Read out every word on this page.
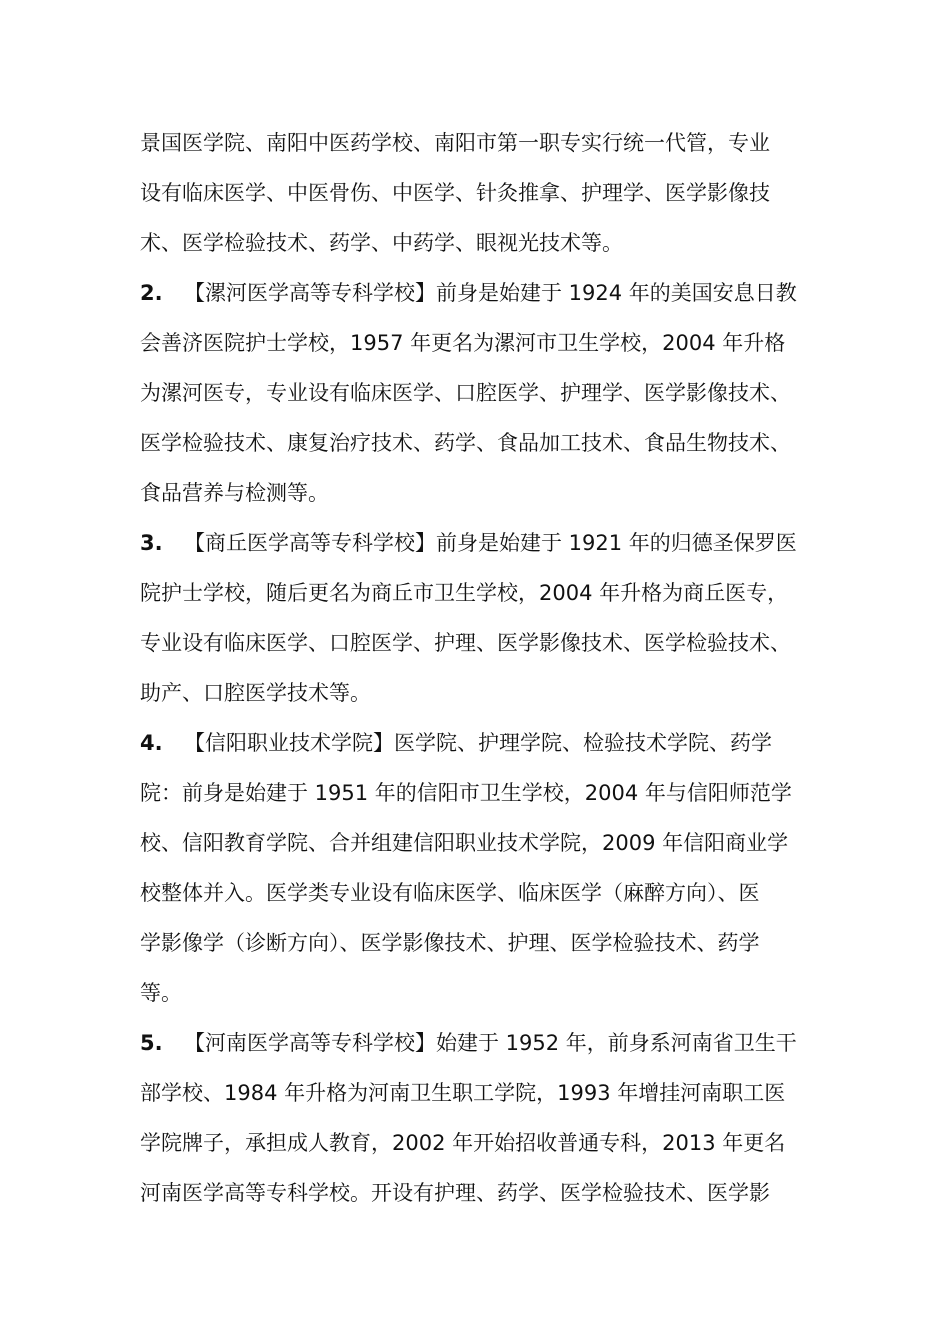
景国医学院、南阳中医药学校、南阳市第一职专实行统一代管，专业
设有临床医学、中医骨伤、中医学、针灸推拿、护理学、医学影像技
术、医学检验技术、药学、中药学、眼视光技术等。
2. 【漯河医学高等专科学校】前身是始建于 1924 年的美国安息日教
会善济医院护士学校，1957 年更名为漯河市卫生学校，2004 年升格
为漯河医专，专业设有临床医学、口腔医学、护理学、医学影像技术、
医学检验技术、康复治疗技术、药学、食品加工技术、食品生物技术、
食品营养与检测等。
3. 【商丘医学高等专科学校】前身是始建于 1921 年的归德圣保罗医
院护士学校，随后更名为商丘市卫生学校，2004 年升格为商丘医专，
专业设有临床医学、口腔医学、护理、医学影像技术、医学检验技术、
助产、口腔医学技术等。
4. 【信阳职业技术学院】医学院、护理学院、检验技术学院、药学
院：前身是始建于 1951 年的信阳市卫生学校，2004 年与信阳师范学
校、信阳教育学院、合并组建信阳职业技术学院，2009 年信阳商业学
校整体并入。医学类专业设有临床医学、临床医学（麻醉方向）、医
学影像学（诊断方向）、医学影像技术、护理、医学检验技术、药学
等。
5. 【河南医学高等专科学校】始建于 1952 年，前身系河南省卫生干
部学校、1984 年升格为河南卫生职工学院，1993 年增挂河南职工医
学院牌子，承担成人教育，2002 年开始招收普通专科，2013 年更名
河南医学高等专科学校。开设有护理、药学、医学检验技术、医学影
